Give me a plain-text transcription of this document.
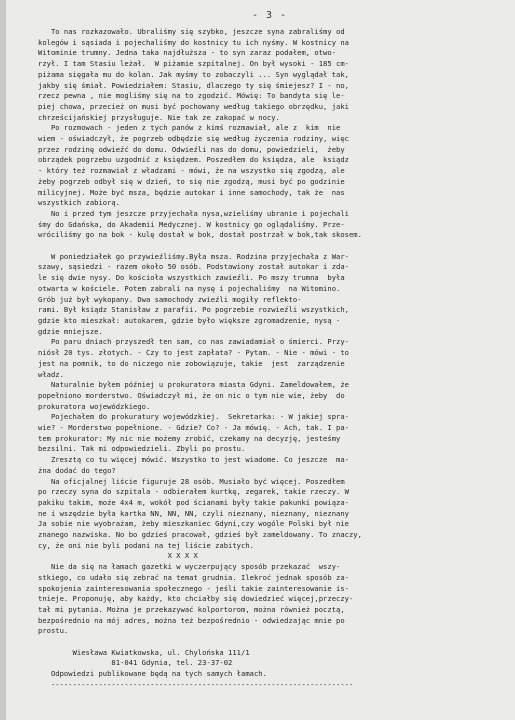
- 3 -
To nas rozkazowało. Ubraliśmy się szybko, jeszcze syna zabraliśmy od
kolegów i sąsiada i pojechaliśmy do kostnicy tu ich nyśmy. W kostnicy na
Witominie trumny. Jedna taka najdłuższa - to syn zaraz podałem, otwo-
rzył. I tam Stasiu leżał.  W piżamie szpitalnej. On był wysoki - 185 cm-
piżama sięgała mu do kolan. Jak myśmy to zobaczyli ... Syn wyglądał tak,
jakby się śmiał. Powiedziałem: Stasiu, dlaczego ty się śmiejesz? I - no,
rzecz pewna , nie mogliśmy się na to zgodzić. Mówię: To bandyta się le-
piej chowa, przecież on musi być pochowany według takiego obrzędku, jaki
chrześcijańskiej przysługuje. Nie tak ze zakopać w nocy.
Po rozmowach - jeden z tych panów z kimś rozmawiał, ale z  kim  nie
wiem - oświadczył, że pogrzeb odbędzie się według życzenia rodziny, więc
przez rodzinę odwieźć do domu. Odwieźli nas do domu, powiedzieli,  żeby
obrządek pogrzebu uzgodnić z księdzem. Poszedłem do księdza, ale  ksiądz
- który też rozmawiał z władzami - mówi, że na wszystko się zgodzą, ale
żeby pogrzeb odbył się w dzień, to się nie zgodzą, musi być po godzinie
milicyjnej. Może być msza, będzie autokar i inne samochody, tak że  nas
wszystkich zabiorą.
No i przed tym jeszcze przyjechała nysa,wzieliśmy ubranie i pojechali
śmy do Gdańska, do Akademii Medycznej. W kostnicy go oglądaliśmy. Prze-
wróciliśmy go na bok - kulę dostał w bok, dostał postrzał w bok,tak skosem.

W poniedziałek go przywieźliśmy.Była msza. Rodzina przyjechała z War-
szawy, sąsiedzi - razem około 50 osób. Podstawiony został autokar i zda-
le się dwie nysy. Do kościoła wszystkich zawieźli. Po mszy trumna  była
otwarta w kościele. Potem zabrali na nysę i pojechaliśmy  na Witomino.
Grób już był wykopany. Dwa samochody zwieźli mogiły reflekto-
rami. Był ksiądz Stanisław z parafii. Po pogrzebie rozwieźli wszystkich,
gdzie kto mieszkał: autokarem, gdzie było większe zgromadzenie, nysą -
gdzie mniejsze.
Po paru dniach przyszedł ten sam, co nas zawiadamiał o śmierci. Przy-
niósł 20 tys. złotych. - Czy to jest zapłata? - Pytam. - Nie - mówi - to
jest na pomnik, to do niczego nie zobowiązuje, takie  jest  zarządzenie
władz.
Naturalnie byłem później u prokuratora miasta Gdyni. Zameldowałem, że
popełniono morderstwo. Oświadczył mi, że on nic o tym nie wie, żeby  do
prokuratora wojewódzkiego.
Pojechałem do prokuratury wojewódzkiej.  Sekretarka: - W jakiej spra-
wie? - Morderstwo popełnione. - Gdzie? Co? - Ja mówię. - Ach, tak. I pa-
tem prokurator: My nic nie możemy zrobić, czekamy na decyzję, jesteśmy
bezsilni. Tak mi odpowiedzieli. Zbyli po prostu.
Zresztą co tu więcej mówić. Wszystko to jest wiadome. Co jeszcze  ma-
żna dodać do tego?
Na oficjalnej liście figuruje 28 osób. Musiało być więcej. Poszedłem
po rzeczy syna do szpitala - odbierałem kurtkę, zegarek, takie rzeczy. W
pakiku takim, może 4x4 m, wokół pod ścianami były takie pakunki powiąza-
ne i wszędzie była kartka NN, NN, NN, czyli nieznany, nieznany, nieznany
Ja sobie nie wyobrażam, żeby mieszkaniec Gdyni,czy wogóle Polski był nie
znanego nazwiska. No bo gdzieś pracował, gdzieś był zameldowany. To znaczy,
cy, że oni nie byli podani na tej liście zabitych.
X X X X
Nie da się na łamach gazetki w wyczerpujący sposób przekazać  wszy-
stkiego, co udało się zebrać na temat grudnia. Ilekroć jednak sposób za-
spokojenia zainteresowania społecznego - jeśli takie zainteresowanie is-
tnieje. Proponuję, aby każdy, kto chciałby się dowiedzieć więcej,przeczy-
tał mi pytania. Można je przekazywać kolportorom, można również pocztą,
bezpośrednio na mój adres, można też bezpośrednio - odwiedzając mnie po
prostu.

Wiesława Kwiatkowska, ul. Chylońska 111/1
81-041 Gdynia, tel. 23-37-02
Odpowiedzi publikowane będą na tych samych łamach.
----------------------------------------------------------------------
